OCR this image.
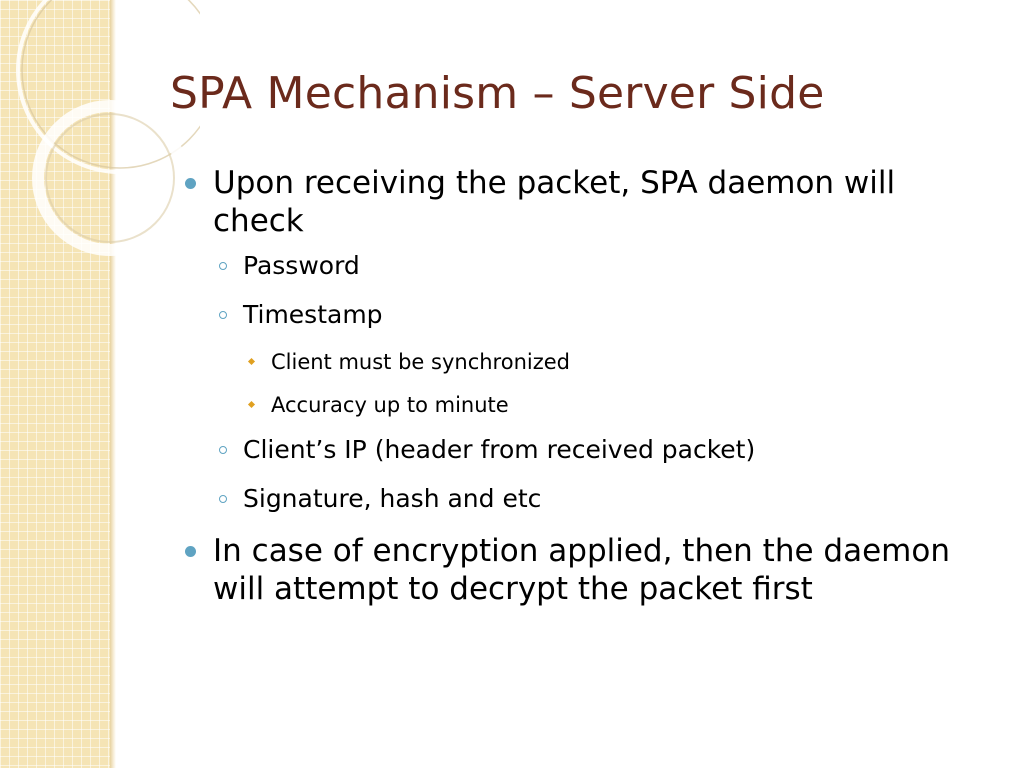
SPA Mechanism – Server Side

Upon receiving the packet, SPA daemon will check

Password

Timestamp

Client must be synchronized

Accuracy up to minute

Client’s IP (header from received packet)

Signature, hash and etc

In case of encryption applied, then the daemon will attempt to decrypt the packet first
